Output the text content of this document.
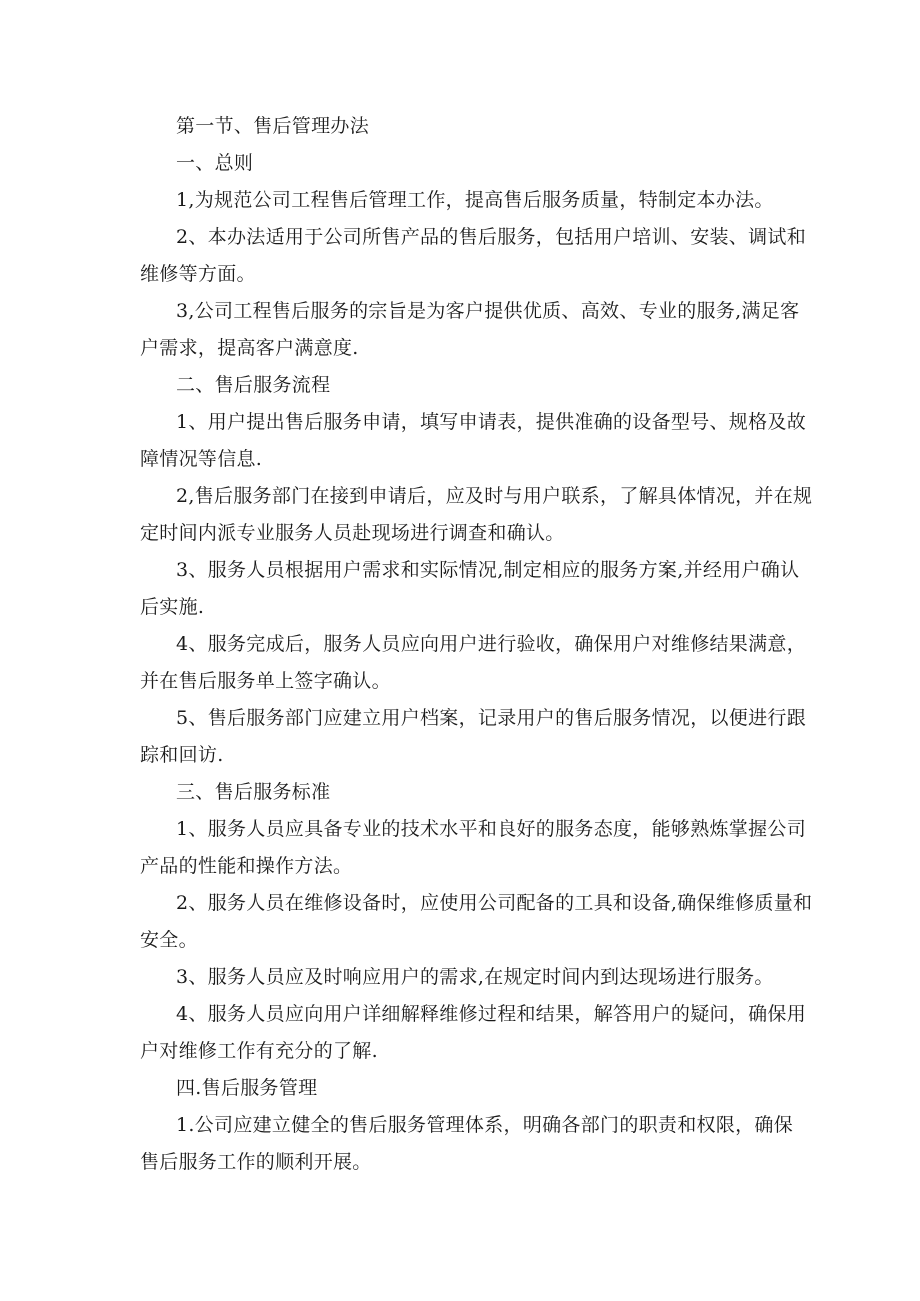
第一节、售后管理办法
一、总则
1,为规范公司工程售后管理工作，提高售后服务质量，特制定本办法。
2、本办法适用于公司所售产品的售后服务，包括用户培训、安装、调试和
维修等方面。
3,公司工程售后服务的宗旨是为客户提供优质、高效、专业的服务,满足客
户需求，提高客户满意度.
二、售后服务流程
1、用户提出售后服务申请，填写申请表，提供准确的设备型号、规格及故
障情况等信息.
2,售后服务部门在接到申请后，应及时与用户联系，了解具体情况，并在规
定时间内派专业服务人员赴现场进行调查和确认。
3、服务人员根据用户需求和实际情况,制定相应的服务方案,并经用户确认
后实施.
4、服务完成后，服务人员应向用户进行验收，确保用户对维修结果满意，
并在售后服务单上签字确认。
5、售后服务部门应建立用户档案，记录用户的售后服务情况，以便进行跟
踪和回访.
三、售后服务标准
1、服务人员应具备专业的技术水平和良好的服务态度，能够熟炼掌握公司
产品的性能和操作方法。
2、服务人员在维修设备时，应使用公司配备的工具和设备,确保维修质量和
安全。
3、服务人员应及时响应用户的需求,在规定时间内到达现场进行服务。
4、服务人员应向用户详细解释维修过程和结果，解答用户的疑问，确保用
户对维修工作有充分的了解.
四.售后服务管理
1.公司应建立健全的售后服务管理体系，明确各部门的职责和权限，确保
售后服务工作的顺利开展。
